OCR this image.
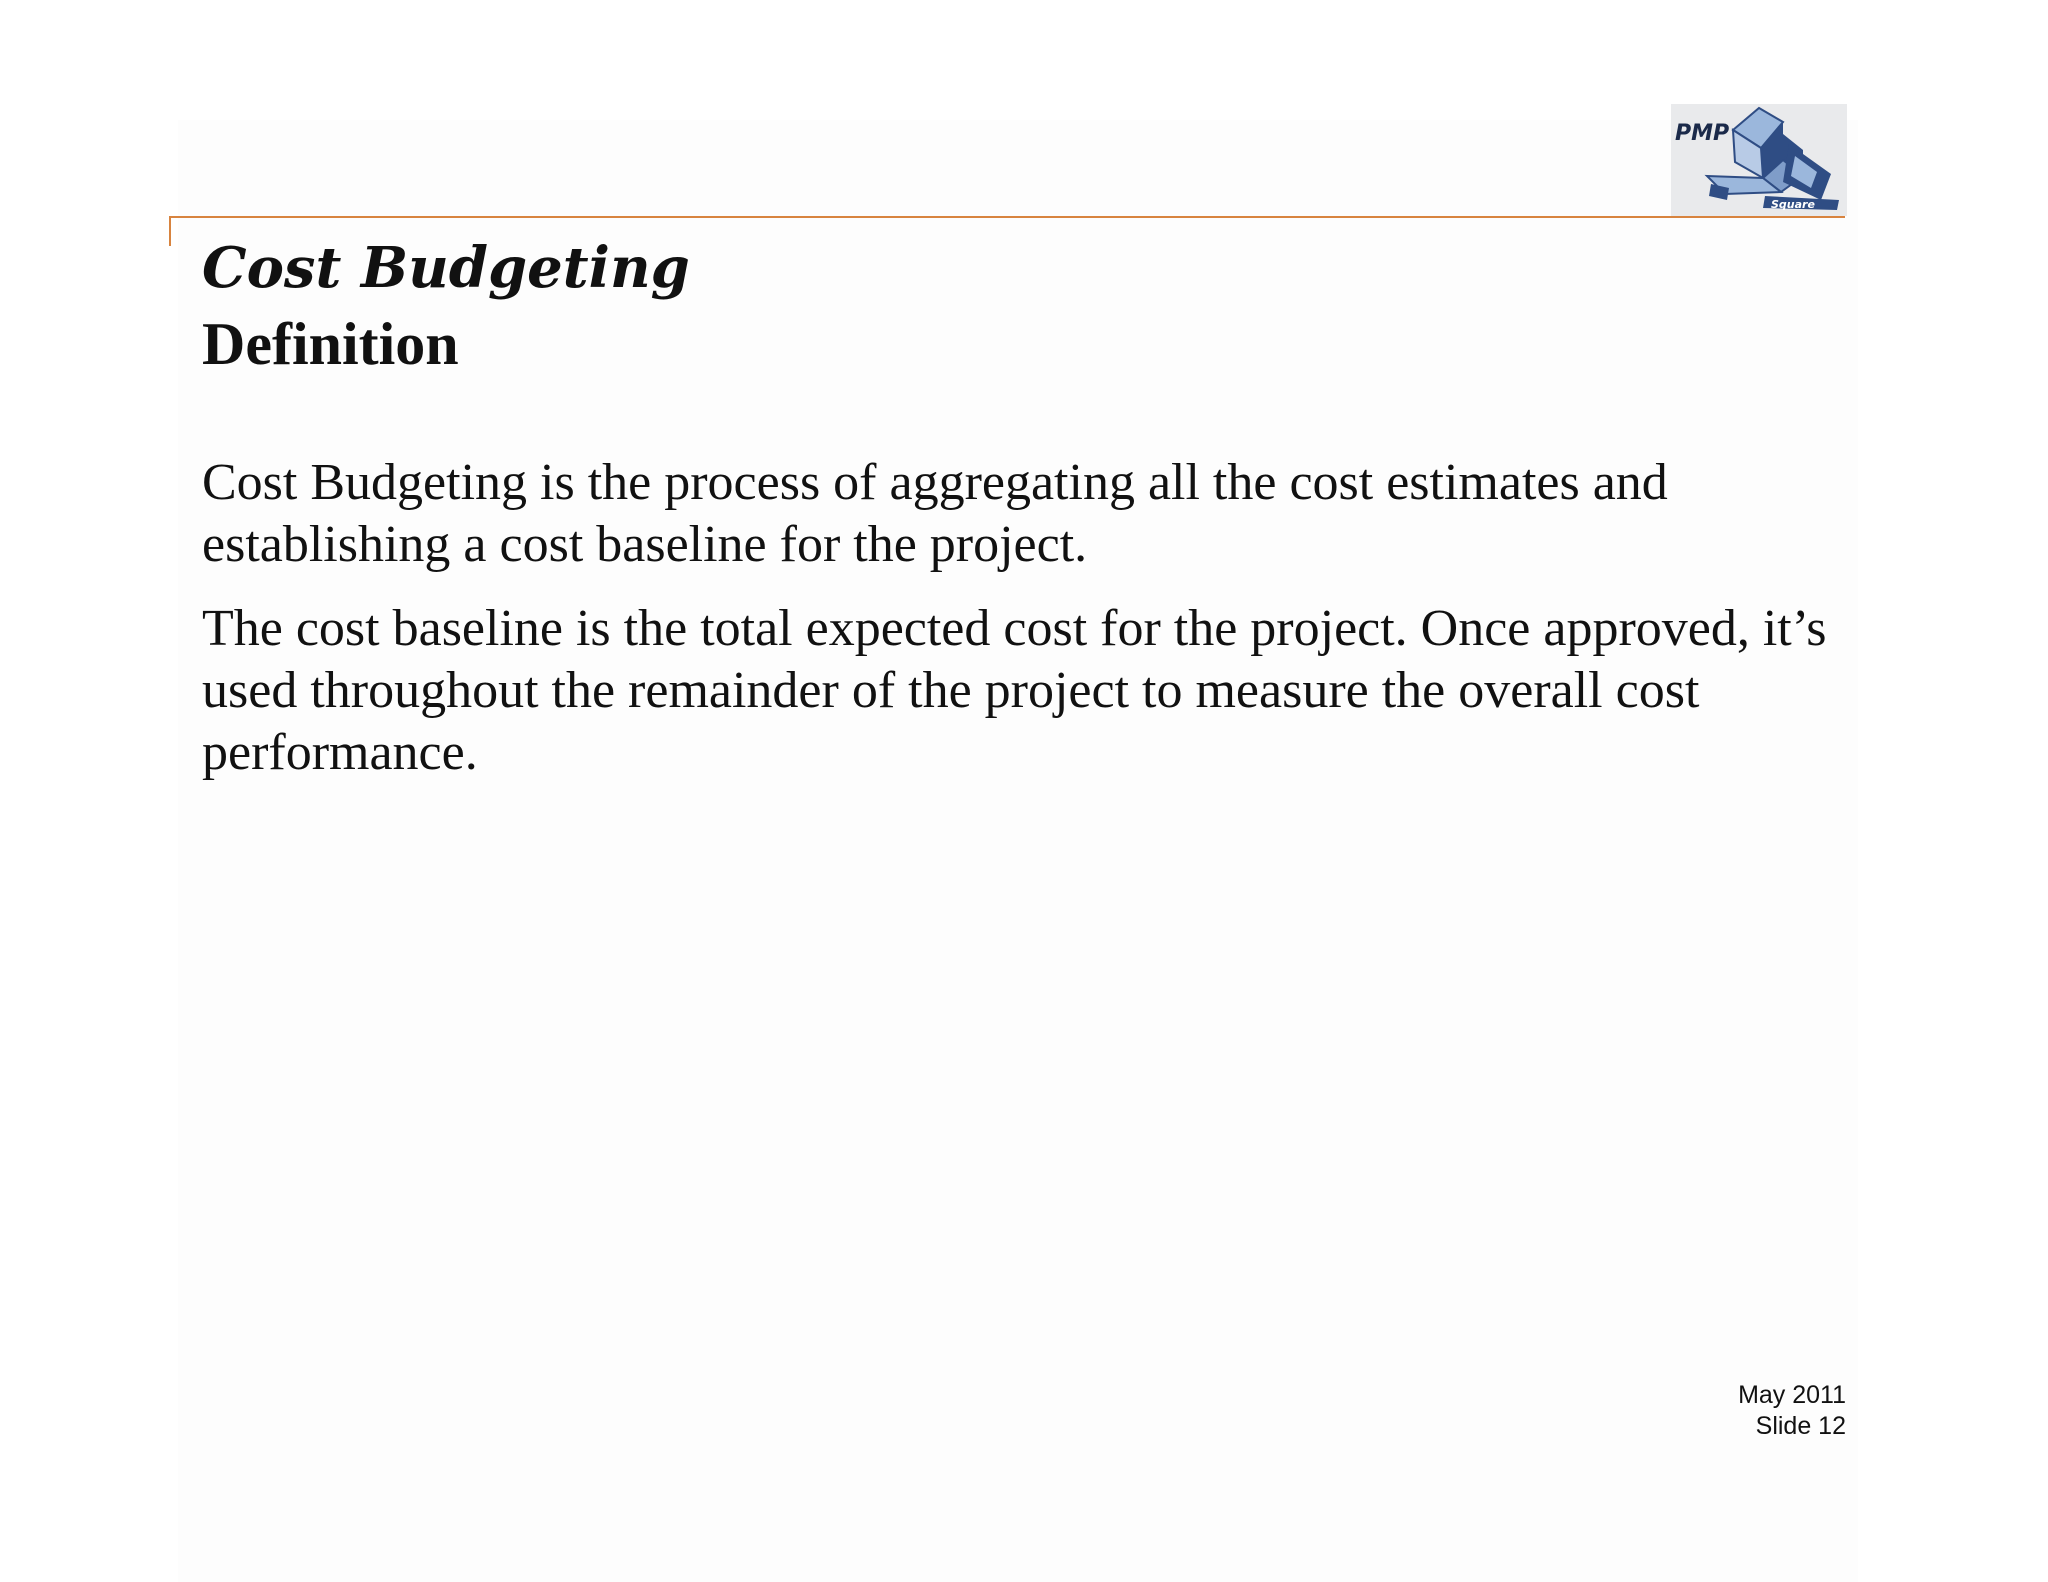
PMP
Square
Cost Budgeting
Definition

Cost Budgeting is the process of aggregating all the cost estimates and establishing a cost baseline for the project.

The cost baseline is the total expected cost for the project. Once approved, it’s used throughout the remainder of the project to measure the overall cost performance.

May 2011
Slide 12
